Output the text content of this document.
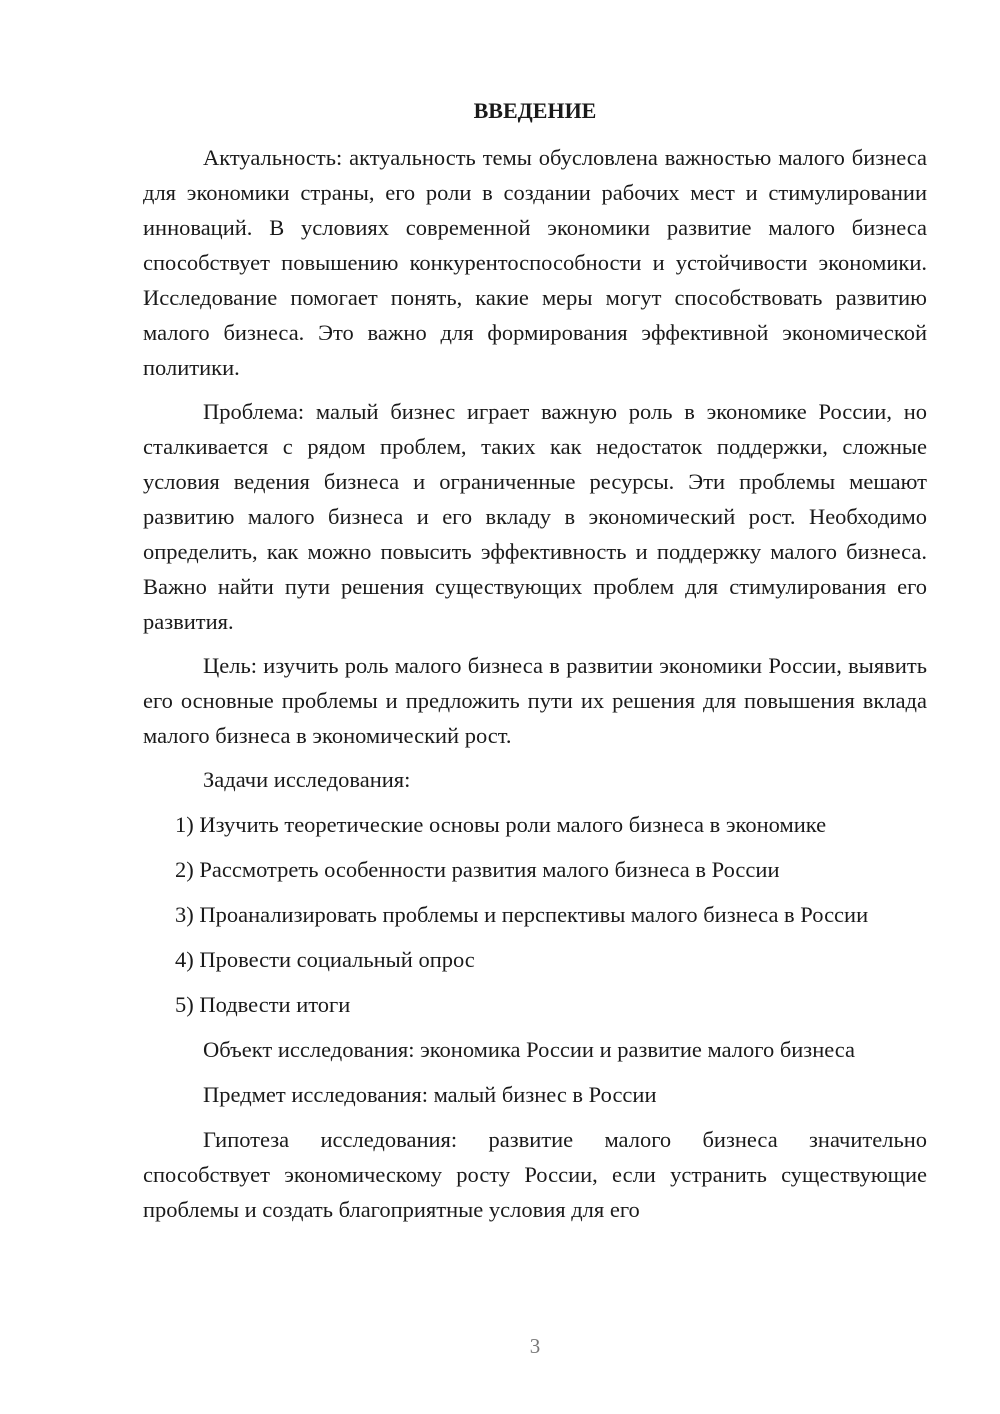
ВВЕДЕНИЕ

Актуальность: актуальность темы обусловлена важностью малого бизнеса для экономики страны, его роли в создании рабочих мест и стимулировании инноваций. В условиях современной экономики развитие малого бизнеса способствует повышению конкурентоспособности и устойчивости экономики. Исследование помогает понять, какие меры могут способствовать развитию малого бизнеса. Это важно для формирования эффективной экономической политики.

Проблема: малый бизнес играет важную роль в экономике России, но сталкивается с рядом проблем, таких как недостаток поддержки, сложные условия ведения бизнеса и ограниченные ресурсы. Эти проблемы мешают развитию малого бизнеса и его вкладу в экономический рост. Необходимо определить, как можно повысить эффективность и поддержку малого бизнеса. Важно найти пути решения существующих проблем для стимулирования его развития.

Цель: изучить роль малого бизнеса в развитии экономики России, выявить его основные проблемы и предложить пути их решения для повышения вклада малого бизнеса в экономический рост.

Задачи исследования:

1) Изучить теоретические основы роли малого бизнеса в экономике

2) Рассмотреть особенности развития малого бизнеса в России

3) Проанализировать проблемы и перспективы малого бизнеса в России

4) Провести социальный опрос

5) Подвести итоги

Объект исследования: экономика России и развитие малого бизнеса

Предмет исследования: малый бизнес в России

Гипотеза исследования: развитие малого бизнеса значительно способствует экономическому росту России, если устранить существующие проблемы и создать благоприятные условия для его

3
